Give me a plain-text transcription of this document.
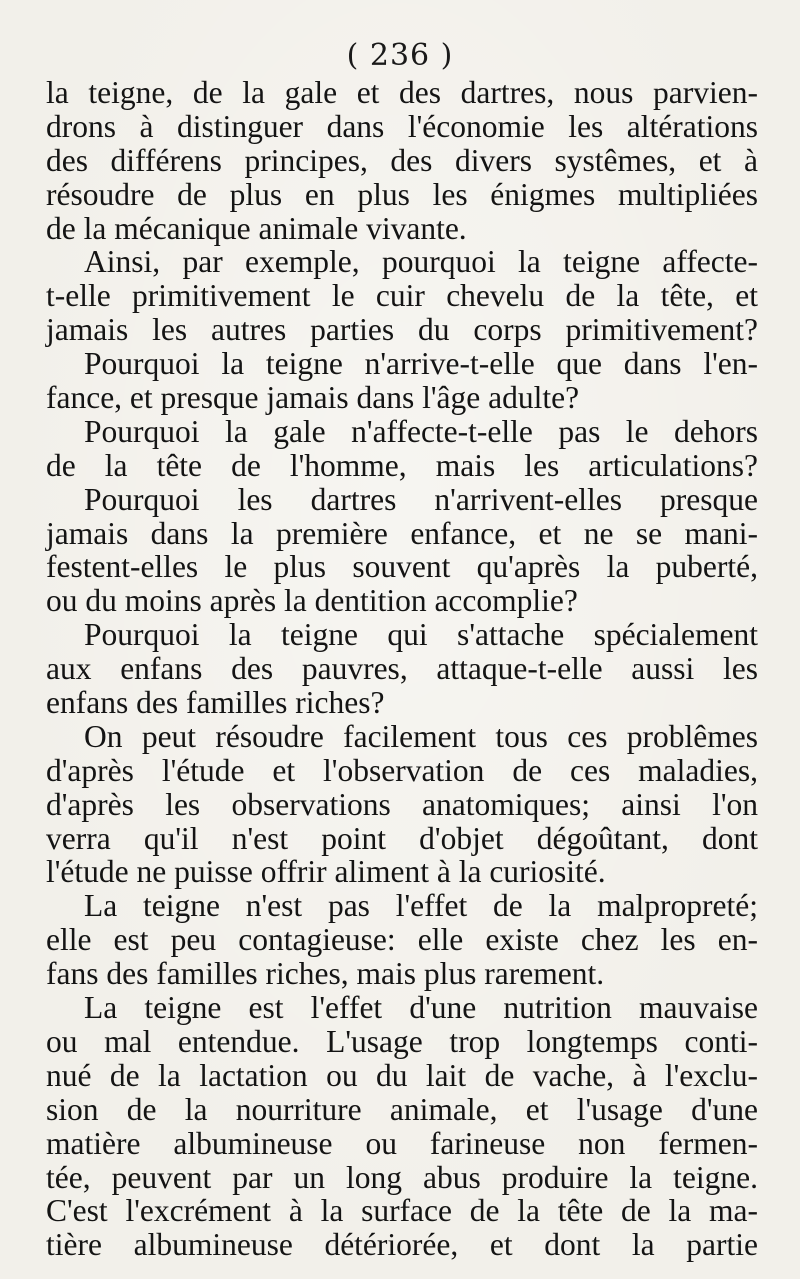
( 236 )
la teigne, de la gale et des dartres, nous parvien-
drons à distinguer dans l'économie les altérations
des différens principes, des divers systêmes, et à
résoudre de plus en plus les énigmes multipliées
de la mécanique animale vivante.
Ainsi, par exemple, pourquoi la teigne affecte-
t-elle primitivement le cuir chevelu de la tête, et
jamais les autres parties du corps primitivement?
Pourquoi la teigne n'arrive-t-elle que dans l'en-
fance, et presque jamais dans l'âge adulte?
Pourquoi la gale n'affecte-t-elle pas le dehors
de la tête de l'homme, mais les articulations?
Pourquoi les dartres n'arrivent-elles presque
jamais dans la première enfance, et ne se mani-
festent-elles le plus souvent qu'après la puberté,
ou du moins après la dentition accomplie?
Pourquoi la teigne qui s'attache spécialement
aux enfans des pauvres, attaque-t-elle aussi les
enfans des familles riches?
On peut résoudre facilement tous ces problêmes
d'après l'étude et l'observation de ces maladies,
d'après les observations anatomiques; ainsi l'on
verra qu'il n'est point d'objet dégoûtant, dont
l'étude ne puisse offrir aliment à la curiosité.
La teigne n'est pas l'effet de la malpropreté;
elle est peu contagieuse: elle existe chez les en-
fans des familles riches, mais plus rarement.
La teigne est l'effet d'une nutrition mauvaise
ou mal entendue. L'usage trop longtemps conti-
nué de la lactation ou du lait de vache, à l'exclu-
sion de la nourriture animale, et l'usage d'une
matière albumineuse ou farineuse non fermen-
tée, peuvent par un long abus produire la teigne.
C'est l'excrément à la surface de la tête de la ma-
tière albumineuse détériorée, et dont la partie
